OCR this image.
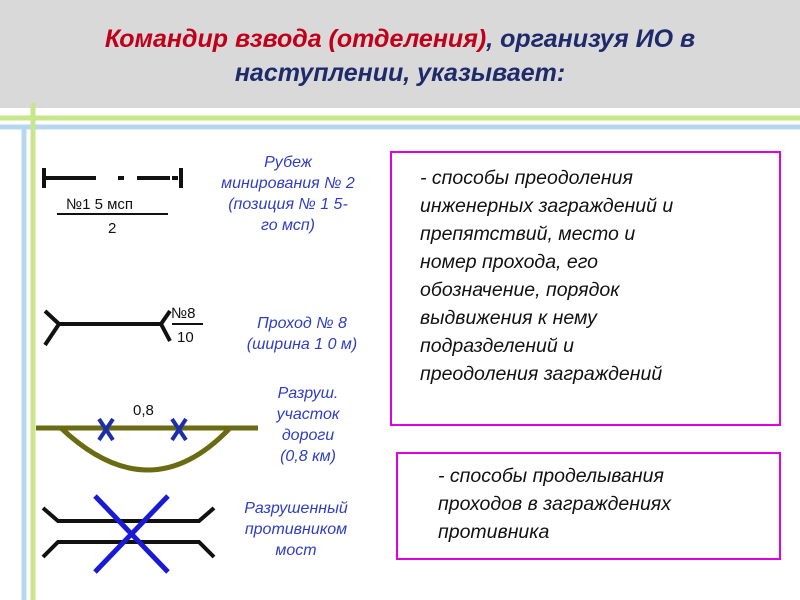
Командир взвода (отделения), организуя ИО в
наступлении, указывает:
№1 5 мсп
2
№8
10
0,8
Рубеж
минирования № 2
(позиция № 1 5-
го мсп)
Проход № 8
(ширина 1 0 м)
Разруш.
участок
дороги
(0,8 км)
Разрушенный
противником
мост
- способы преодоления
инженерных заграждений и
препятствий, место и
номер прохода, его
обозначение, порядок
выдвижения к нему
подразделений и
преодоления заграждений
- способы проделывания
проходов в заграждениях
противника
